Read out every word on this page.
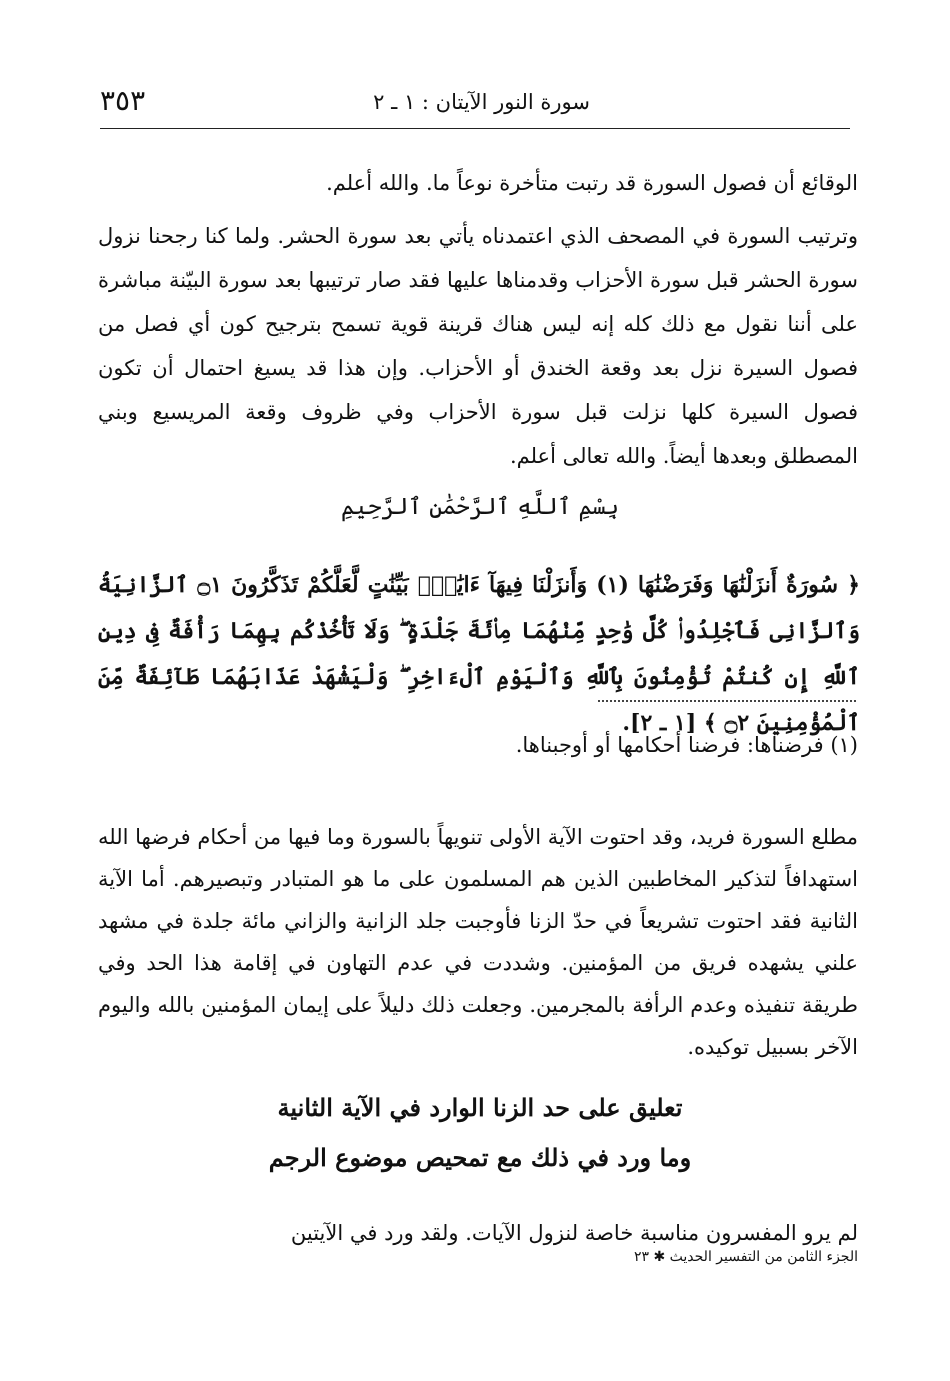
سورة النور الآيتان : ١ ـ ٢
٣٥٣

الوقائع أن فصول السورة قد رتبت متأخرة نوعاً ما. والله أعلم.

وترتيب السورة في المصحف الذي اعتمدناه يأتي بعد سورة الحشر. ولما كنا رجحنا نزول سورة الحشر قبل سورة الأحزاب وقدمناها عليها فقد صار ترتيبها بعد سورة البيّنة مباشرة على أننا نقول مع ذلك كله إنه ليس هناك قرينة قوية تسمح بترجيح كون أي فصل من فصول السيرة نزل بعد وقعة الخندق أو الأحزاب. وإن هذا قد يسيغ احتمال أن تكون فصول السيرة كلها نزلت قبل سورة الأحزاب وفي ظروف وقعة المريسيع وبني المصطلق وبعدها أيضاً. والله تعالى أعلم.

بِسْمِ ٱللَّهِ ٱلرَّحْمَٰنِ ٱلرَّحِيمِ

﴿ سُورَةٌ أَنزَلْنَٰهَا وَفَرَضْنَٰهَا (١) وَأَنزَلْنَا فِيهَآ ءَايَٰتٍۭ بَيِّنَٰتٍ لَّعَلَّكُمْ تَذَكَّرُونَ ۝١ ٱلزَّانِيَةُ وَٱلزَّانِى فَٱجْلِدُوا۟ كُلَّ وَٰحِدٍ مِّنْهُمَا مِا۟ئَةَ جَلْدَةٍ ۖ وَلَا تَأْخُذْكُم بِهِمَا رَأْفَةٌ فِى دِينِ ٱللَّهِ إِن كُنتُمْ تُؤْمِنُونَ بِٱللَّهِ وَٱلْيَوْمِ ٱلْءَاخِرِ ۖ وَلْيَشْهَدْ عَذَابَهُمَا طَآئِفَةٌ مِّنَ ٱلْمُؤْمِنِينَ ۝٢ ﴾ [١ ـ ٢].

(١) فرضناها: فرضنا أحكامها أو أوجبناها.

مطلع السورة فريد، وقد احتوت الآية الأولى تنويهاً بالسورة وما فيها من أحكام فرضها الله استهدافاً لتذكير المخاطبين الذين هم المسلمون على ما هو المتبادر وتبصيرهم. أما الآية الثانية فقد احتوت تشريعاً في حدّ الزنا فأوجبت جلد الزانية والزاني مائة جلدة في مشهد علني يشهده فريق من المؤمنين. وشددت في عدم التهاون في إقامة هذا الحد وفي طريقة تنفيذه وعدم الرأفة بالمجرمين. وجعلت ذلك دليلاً على إيمان المؤمنين بالله واليوم الآخر بسبيل توكيده.

تعليق على حد الزنا الوارد في الآية الثانية
وما ورد في ذلك مع تمحيص موضوع الرجم

لم يرو المفسرون مناسبة خاصة لنزول الآيات. ولقد ورد في الآيتين

الجزء الثامن من التفسير الحديث ✱ ٢٣
